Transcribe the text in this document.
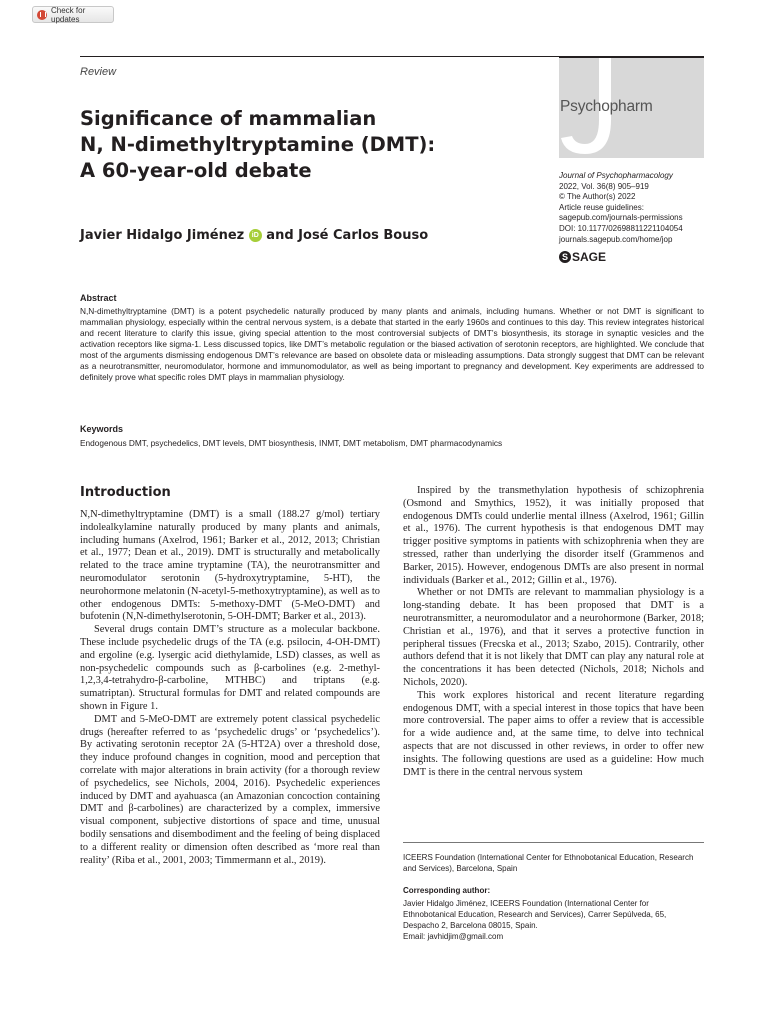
Check for updates
Review
Significance of mammalian
N, N-dimethyltryptamine (DMT):
A 60-year-old debate
Javier Hidalgo Jiménez iD and José Carlos Bouso
Psychopharm
Journal of Psychopharmacology
2022, Vol. 36(8) 905–919
© The Author(s) 2022
Article reuse guidelines:
sagepub.com/journals-permissions
DOI: 10.1177/02698811221104054
journals.sagepub.com/home/jop
S SAGE
Abstract
N,N-dimethyltryptamine (DMT) is a potent psychedelic naturally produced by many plants and animals, including humans. Whether or not DMT is significant to mammalian physiology, especially within the central nervous system, is a debate that started in the early 1960s and continues to this day. This review integrates historical and recent literature to clarify this issue, giving special attention to the most controversial subjects of DMT’s biosynthesis, its storage in synaptic vesicles and the activation receptors like sigma-1. Less discussed topics, like DMT’s metabolic regulation or the biased activation of serotonin receptors, are highlighted. We conclude that most of the arguments dismissing endogenous DMT’s relevance are based on obsolete data or misleading assumptions. Data strongly suggest that DMT can be relevant as a neurotransmitter, neuromodulator, hormone and immunomodulator, as well as being important to pregnancy and development. Key experiments are addressed to definitely prove what specific roles DMT plays in mammalian physiology.
Keywords
Endogenous DMT, psychedelics, DMT levels, DMT biosynthesis, INMT, DMT metabolism, DMT pharmacodynamics
Introduction

N,N-dimethyltryptamine (DMT) is a small (188.27 g/mol) tertiary indolealkylamine naturally produced by many plants and animals, including humans (Axelrod, 1961; Barker et al., 2012, 2013; Christian et al., 1977; Dean et al., 2019). DMT is structurally and metabolically related to the trace amine tryptamine (TA), the neurotransmitter and neuromodulator serotonin (5-hydroxytryptamine, 5-HT), the neurohormone melatonin (N-acetyl-5-methoxytryptamine), as well as to other endogenous DMTs: 5-methoxy-DMT (5-MeO-DMT) and bufotenin (N,N-dimethylserotonin, 5-OH-DMT; Barker et al., 2013).

Several drugs contain DMT’s structure as a molecular backbone. These include psychedelic drugs of the TA (e.g. psilocin, 4-OH-DMT) and ergoline (e.g. lysergic acid diethylamide, LSD) classes, as well as non-psychedelic compounds such as β-carbolines (e.g. 2-methyl-1,2,3,4-tetrahydro-β-carboline, MTHBC) and triptans (e.g. sumatriptan). Structural formulas for DMT and related compounds are shown in Figure 1.

DMT and 5-MeO-DMT are extremely potent classical psychedelic drugs (hereafter referred to as ‘psychedelic drugs’ or ‘psychedelics’). By activating serotonin receptor 2A (5-HT2A) over a threshold dose, they induce profound changes in cognition, mood and perception that correlate with major alterations in brain activity (for a thorough review of psychedelics, see Nichols, 2004, 2016). Psychedelic experiences induced by DMT and ayahuasca (an Amazonian concoction containing DMT and β-carbolines) are characterized by a complex, immersive visual component, subjective distortions of space and time, unusual bodily sensations and disembodiment and the feeling of being displaced to a different reality or dimension often described as ‘more real than reality’ (Riba et al., 2001, 2003; Timmermann et al., 2019).

Inspired by the transmethylation hypothesis of schizophrenia (Osmond and Smythics, 1952), it was initially proposed that endogenous DMTs could underlie mental illness (Axelrod, 1961; Gillin et al., 1976). The current hypothesis is that endogenous DMT may trigger positive symptoms in patients with schizophrenia when they are stressed, rather than underlying the disorder itself (Grammenos and Barker, 2015). However, endogenous DMTs are also present in normal individuals (Barker et al., 2012; Gillin et al., 1976).

Whether or not DMTs are relevant to mammalian physiology is a long-standing debate. It has been proposed that DMT is a neurotransmitter, a neuromodulator and a neurohormone (Barker, 2018; Christian et al., 1976), and that it serves a protective function in peripheral tissues (Frecska et al., 2013; Szabo, 2015). Contrarily, other authors defend that it is not likely that DMT can play any natural role at the concentrations it has been detected (Nichols, 2018; Nichols and Nichols, 2020).

This work explores historical and recent literature regarding endogenous DMT, with a special interest in those topics that have been more controversial. The paper aims to offer a review that is accessible for a wide audience and, at the same time, to delve into technical aspects that are not discussed in other reviews, in order to offer new insights. The following questions are used as a guideline: How much DMT is there in the central nervous system

ICEERS Foundation (International Center for Ethnobotanical Education, Research and Services), Barcelona, Spain
Corresponding author:
Javier Hidalgo Jiménez, ICEERS Foundation (International Center for Ethnobotanical Education, Research and Services), Carrer Sepúlveda, 65, Despacho 2, Barcelona 08015, Spain.
Email: javhidjim@gmail.com
